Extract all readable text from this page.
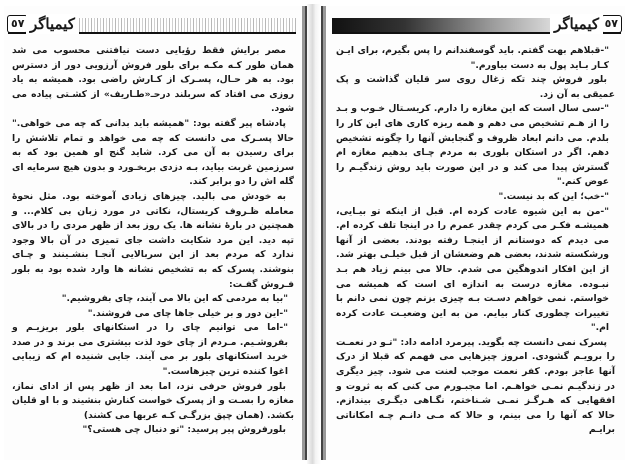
٥٧ کیمیاگر

مصر برایش فقط رؤیایی دست نیافتنی محسوب می شد همان طور کـه مکـه برای بلور فروش آرزویی دور از دسترس بود. به هر حـال، پسـرک از کـارش راضی بود. همیشه به یاد روزی می افتاد که سربلند درحـ«طـاریف» از کشـتی پیاده می شود.

پادشاه پیر گفته بود: "همیشه باید بدانی که چه می خواهی." حالا پسـرک می دانست که چه می خواهد و تمام تلاشش را برای رسیدن به آن می کرد. شاید گنج او همین بود که به سرزمین غربت بیاید، بـه دزدی بربخـورد و بدون هیچ سرمایه ای گله اش را دو برابر کند.

به خودش می بالید. چیزهای زیادی آموخته بود. مثل نحوهٔ معامله ظـروف کریستال، نکاتی در مورد زبان بی کلام... و همچنین در بارهٔ نشانه ها. یک روز بعد از ظهر مردی را در بالای تپه دید. این مرد شکایت داشت جای تمیزی در آن بالا وجود ندارد که مردم بعد از این سربالایی آنجـا بنشـینند و چـای بنوشند. پسرک که به تشخیص نشانه ها وارد شده بود به بلور فـروش گفـت:

"بیا به مردمی که این بالا می آیند، چای بفروشیم."

"-این دور و بر خیلی جاها چای می فروشند."

"-اما می توانیم چای را در استکانهای بلور بریزیـم و بفروشـیم. مـردم از چای خود لذت بیشتری می برند و در صدد خرید استکانهای بلور بر می آیند. جایی شنیده ام که زیبایی اغوا کننده ترین چیزهاست."

بلور فروش حرفی نزد، اما بعد از ظهر پس از ادای نماز، مغازه را بسـت و از پسرک خواست کنارش بنشیند و با او قلیان بکشد. (همان چپق بزرگـی کـه عربها می کشند)

بلورفروش پیر پرسید: "تو دنبال چی هستی؟"

٥٧
کیمیاگر

"-قبلاهم بهت گفتم. باید گوسفندانم را پس بگیرم، برای ایـن کـار بـاید پول به دست بیاورم."

بلور فروش چند تکه زغال روی سر قلیان گذاشت و پک عمیقی به آن زد.

"-سی سال است که این مغازه را دارم. کریسـتال خـوب و بـد را از هـم تشخیص می دهم و همه ریزه کاری های این کار را بلدم. می دانم ابعاد ظروف و گنجایش آنها را چگونه تشخیص دهم. اگر در استکان بلوری به مردم چـای بدهیم مغازه ام گسترش پیدا می کند و در این صورت باید روش زندگیـم را عوض کنم."

"-خب؛ این که بد نیست."

"-من به این شیوه عادت کرده ام. قبل از اینکه تو بیـایی، همیشـه فکـر می کردم چقدر عمرم را در اینجا تلف کرده ام. می دیدم که دوستانم از اینجـا رفته بودند. بعضی از آنها ورشکسته شدند، بعضی هم وضعشان از قبل خیلـی بهتر شد. از این افکار اندوهگین می شدم. حالا می بینم زیاد هم بـد نبـوده. مغازه درست به اندازه ای است که همیشه می خواستم. نمی خواهم دسـت بـه چیزی بزنم چون نمی دانم با تغییرات چطوری کنار بیایم. من به این وضعیـت عادت کرده ام."

پسرک نمی دانست چه بگوید. پیرمرد ادامه داد: "تـو در نعمـت را برویـم گشودی. امروز چیزهایی می فهمم که قبلا از درک آنها عاجز بودم. کفر نعمت موجب لعنت می شود. چیز دیگری در زندگیـم نمـی خواهـم. اما مجبـورم می کنی که به ثروت و افقهایی که هـرگـز نمـی شـناختم، نگـاهی دیگـری بیندازم. حالا که آنها را می بینم، و حالا که مـی دانـم چـه امکاناتی برایـم
